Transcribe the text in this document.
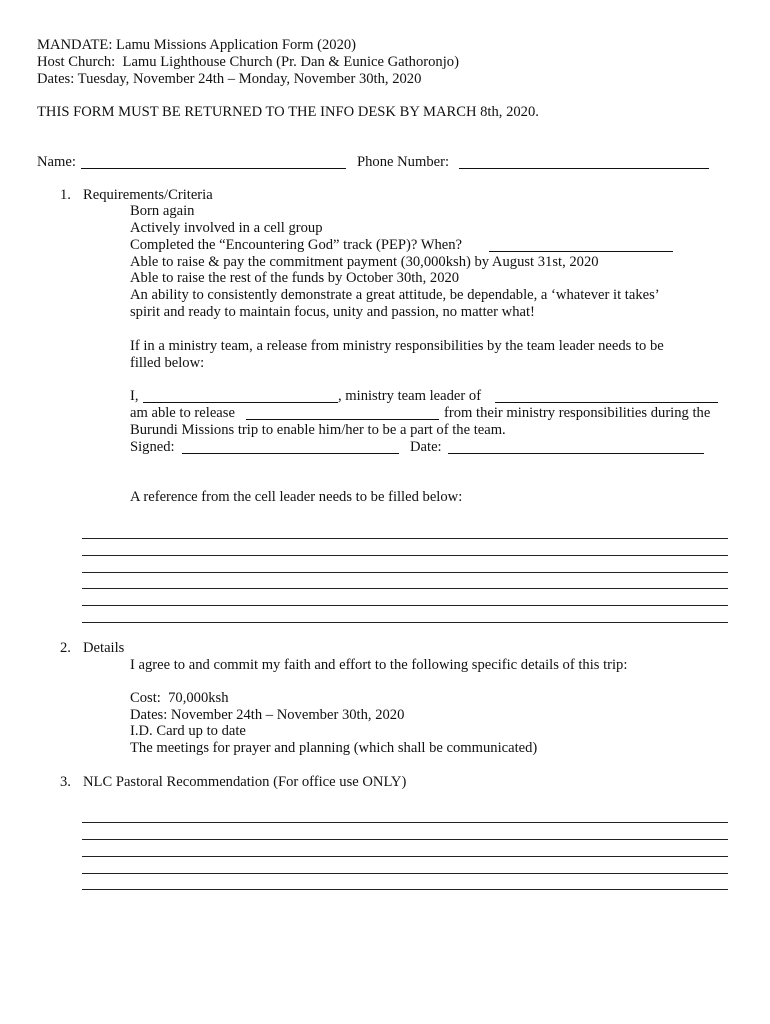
MANDATE: Lamu Missions Application Form (2020)
Host Church:  Lamu Lighthouse Church (Pr. Dan & Eunice Gathoronjo)
Dates: Tuesday, November 24th – Monday, November 30th, 2020
THIS FORM MUST BE RETURNED TO THE INFO DESK BY MARCH 8th, 2020.
Name:	Phone Number:
1. Requirements/Criteria
Born again
Actively involved in a cell group
Completed the “Encountering God” track (PEP)? When?
Able to raise & pay the commitment payment (30,000ksh) by August 31st, 2020
Able to raise the rest of the funds by October 30th, 2020
An ability to consistently demonstrate a great attitude, be dependable, a ‘whatever it takes’
spirit and ready to maintain focus, unity and passion, no matter what!
If in a ministry team, a release from ministry responsibilities by the team leader needs to be
filled below:
I,	, ministry team leader of
am able to release	from their ministry responsibilities during the
Burundi Missions trip to enable him/her to be a part of the team.
Signed:	Date:
A reference from the cell leader needs to be filled below:
2. Details
I agree to and commit my faith and effort to the following specific details of this trip:
Cost:  70,000ksh
Dates: November 24th – November 30th, 2020
I.D. Card up to date
The meetings for prayer and planning (which shall be communicated)
3. NLC Pastoral Recommendation (For office use ONLY)
